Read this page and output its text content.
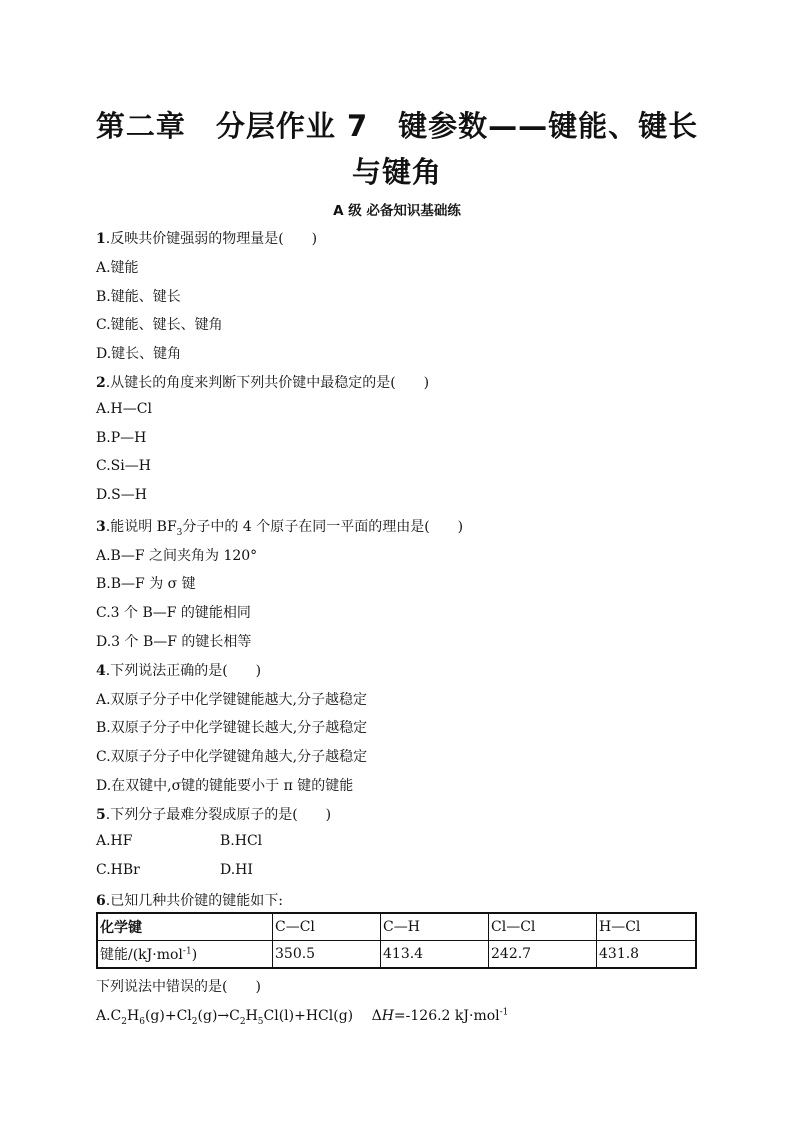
第二章　分层作业 7　键参数——键能、键长
与键角
A 级 必备知识基础练
1.反映共价键强弱的物理量是(　　)
A.键能
B.键能、键长
C.键能、键长、键角
D.键长、键角
2.从键长的角度来判断下列共价键中最稳定的是(　　)
A.H—Cl
B.P—H
C.Si—H
D.S—H
3.能说明 $BF_3$分子中的 4 个原子在同一平面的理由是(　　)
A.B—F 之间夹角为 120°
B.B—F 为 σ 键
C.3 个 B—F 的键能相同
D.3 个 B—F 的键长相等
4.下列说法正确的是(　　)
A.双原子分子中化学键键能越大,分子越稳定
B.双原子分子中化学键键长越大,分子越稳定
C.双原子分子中化学键键角越大,分子越稳定
D.在双键中,σ键的键能要小于 π 键的键能
5.下列分子最难分裂成原子的是(　　)
A.HF	B.HCl
C.HBr	D.HI
6.已知几种共价键的键能如下:
化学键	C—Cl	C—H	Cl—Cl	H—Cl
键能/(kJ·mol$^{-1}$)	350.5	413.4	242.7	431.8
下列说法中错误的是(　　)
$A.C_2H_6(g)+Cl_2(g)\to C_2H_5Cl(l)+HCl(g)$　 ΔH=-126.2 kJ·mol$^{-1}$
